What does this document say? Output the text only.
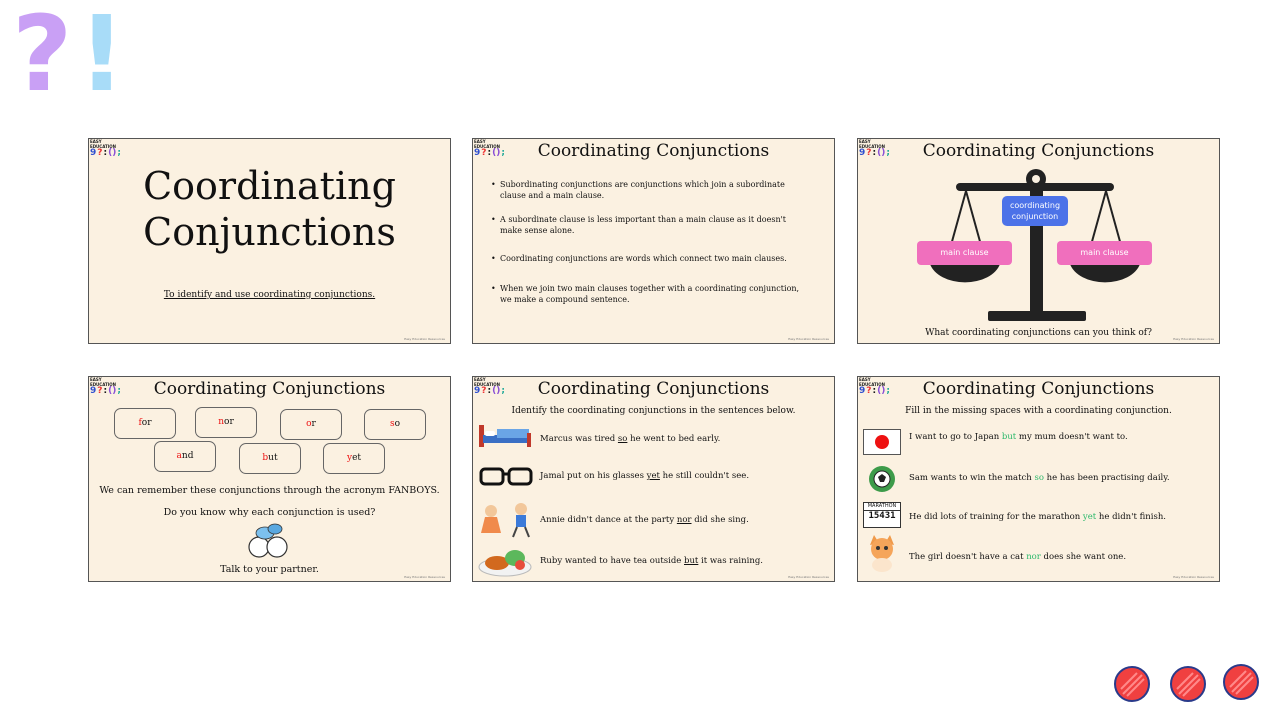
? !
EASY EDUCATION
9 ? : () ;
Coordinating
Conjunctions
To identify and use coordinating conjunctions.
Easy Education Ressources
EASY EDUCATION
9 ? : () ;	Coordinating Conjunctions
• Subordinating conjunctions are conjunctions which join a subordinate clause and a main clause.
• A subordinate clause is less important than a main clause as it doesn't make sense alone.
• Coordinating conjunctions are words which connect two main clauses.
• When we join two main clauses together with a coordinating conjunction, we make a compound sentence.
Easy Education Ressources
EASY EDUCATION
9 ? : () ;	Coordinating Conjunctions
coordinating conjunction
main clause	main clause
What coordinating conjunctions can you think of?
Easy Education Ressources
EASY EDUCATION
9 ? : () ;	Coordinating Conjunctions
for	nor	or	so
and	but	yet
We can remember these conjunctions through the acronym FANBOYS.
Do you know why each conjunction is used?
Talk to your partner.
Easy Education Ressources
EASY EDUCATION
9 ? : () ;	Coordinating Conjunctions
Identify the coordinating conjunctions in the sentences below.
Marcus was tired so he went to bed early.
Jamal put on his glasses yet he still couldn't see.
Annie didn't dance at the party nor did she sing.
Ruby wanted to have tea outside but it was raining.
Easy Education Ressources
EASY EDUCATION
9 ? : () ;	Coordinating Conjunctions
Fill in the missing spaces with a coordinating conjunction.
I want to go to Japan but my mum doesn't want to.
Sam wants to win the match so he has been practising daily.
MARATHON
15431	He did lots of training for the marathon yet he didn't finish.
The girl doesn't have a cat nor does she want one.
Easy Education Ressources
